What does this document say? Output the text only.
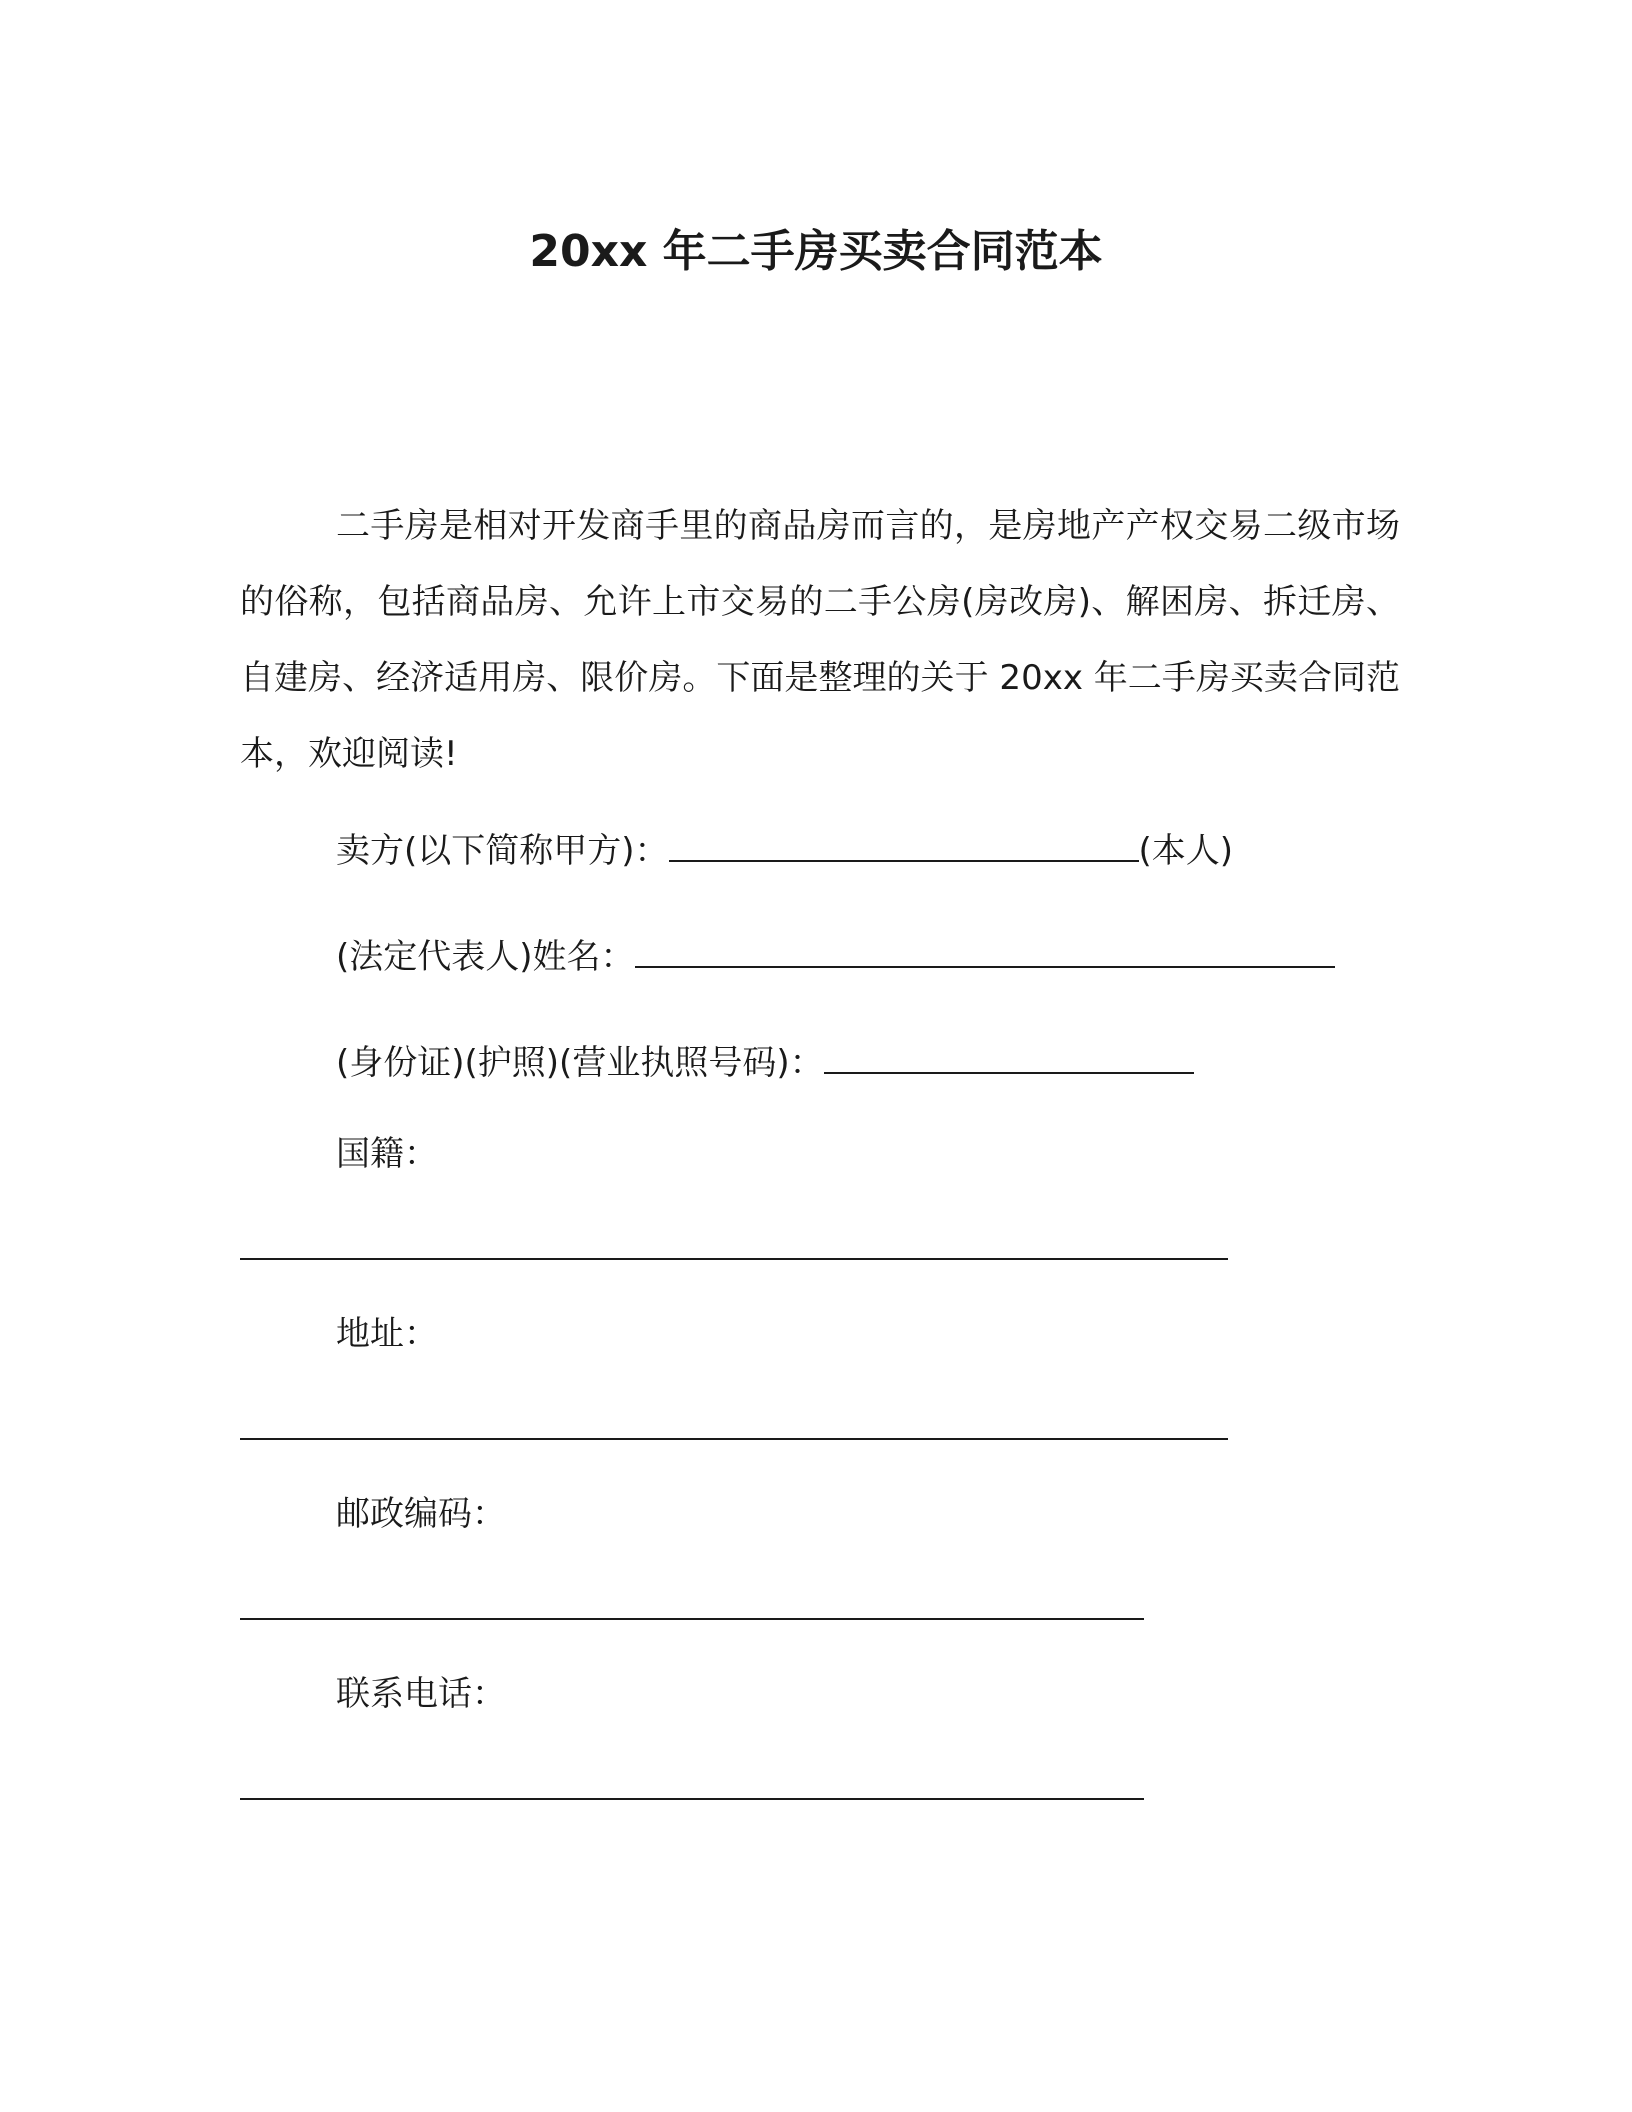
20xx 年二手房买卖合同范本

二手房是相对开发商手里的商品房而言的，是房地产产权交易二级市场的俗称，包括商品房、允许上市交易的二手公房(房改房)、解困房、拆迁房、自建房、经济适用房、限价房。下面是整理的关于 20xx 年二手房买卖合同范本，欢迎阅读!

卖方(以下简称甲方)：	(本人)
(法定代表人)姓名：
(身份证)(护照)(营业执照号码)：
国籍：
地址：
邮政编码：
联系电话：
